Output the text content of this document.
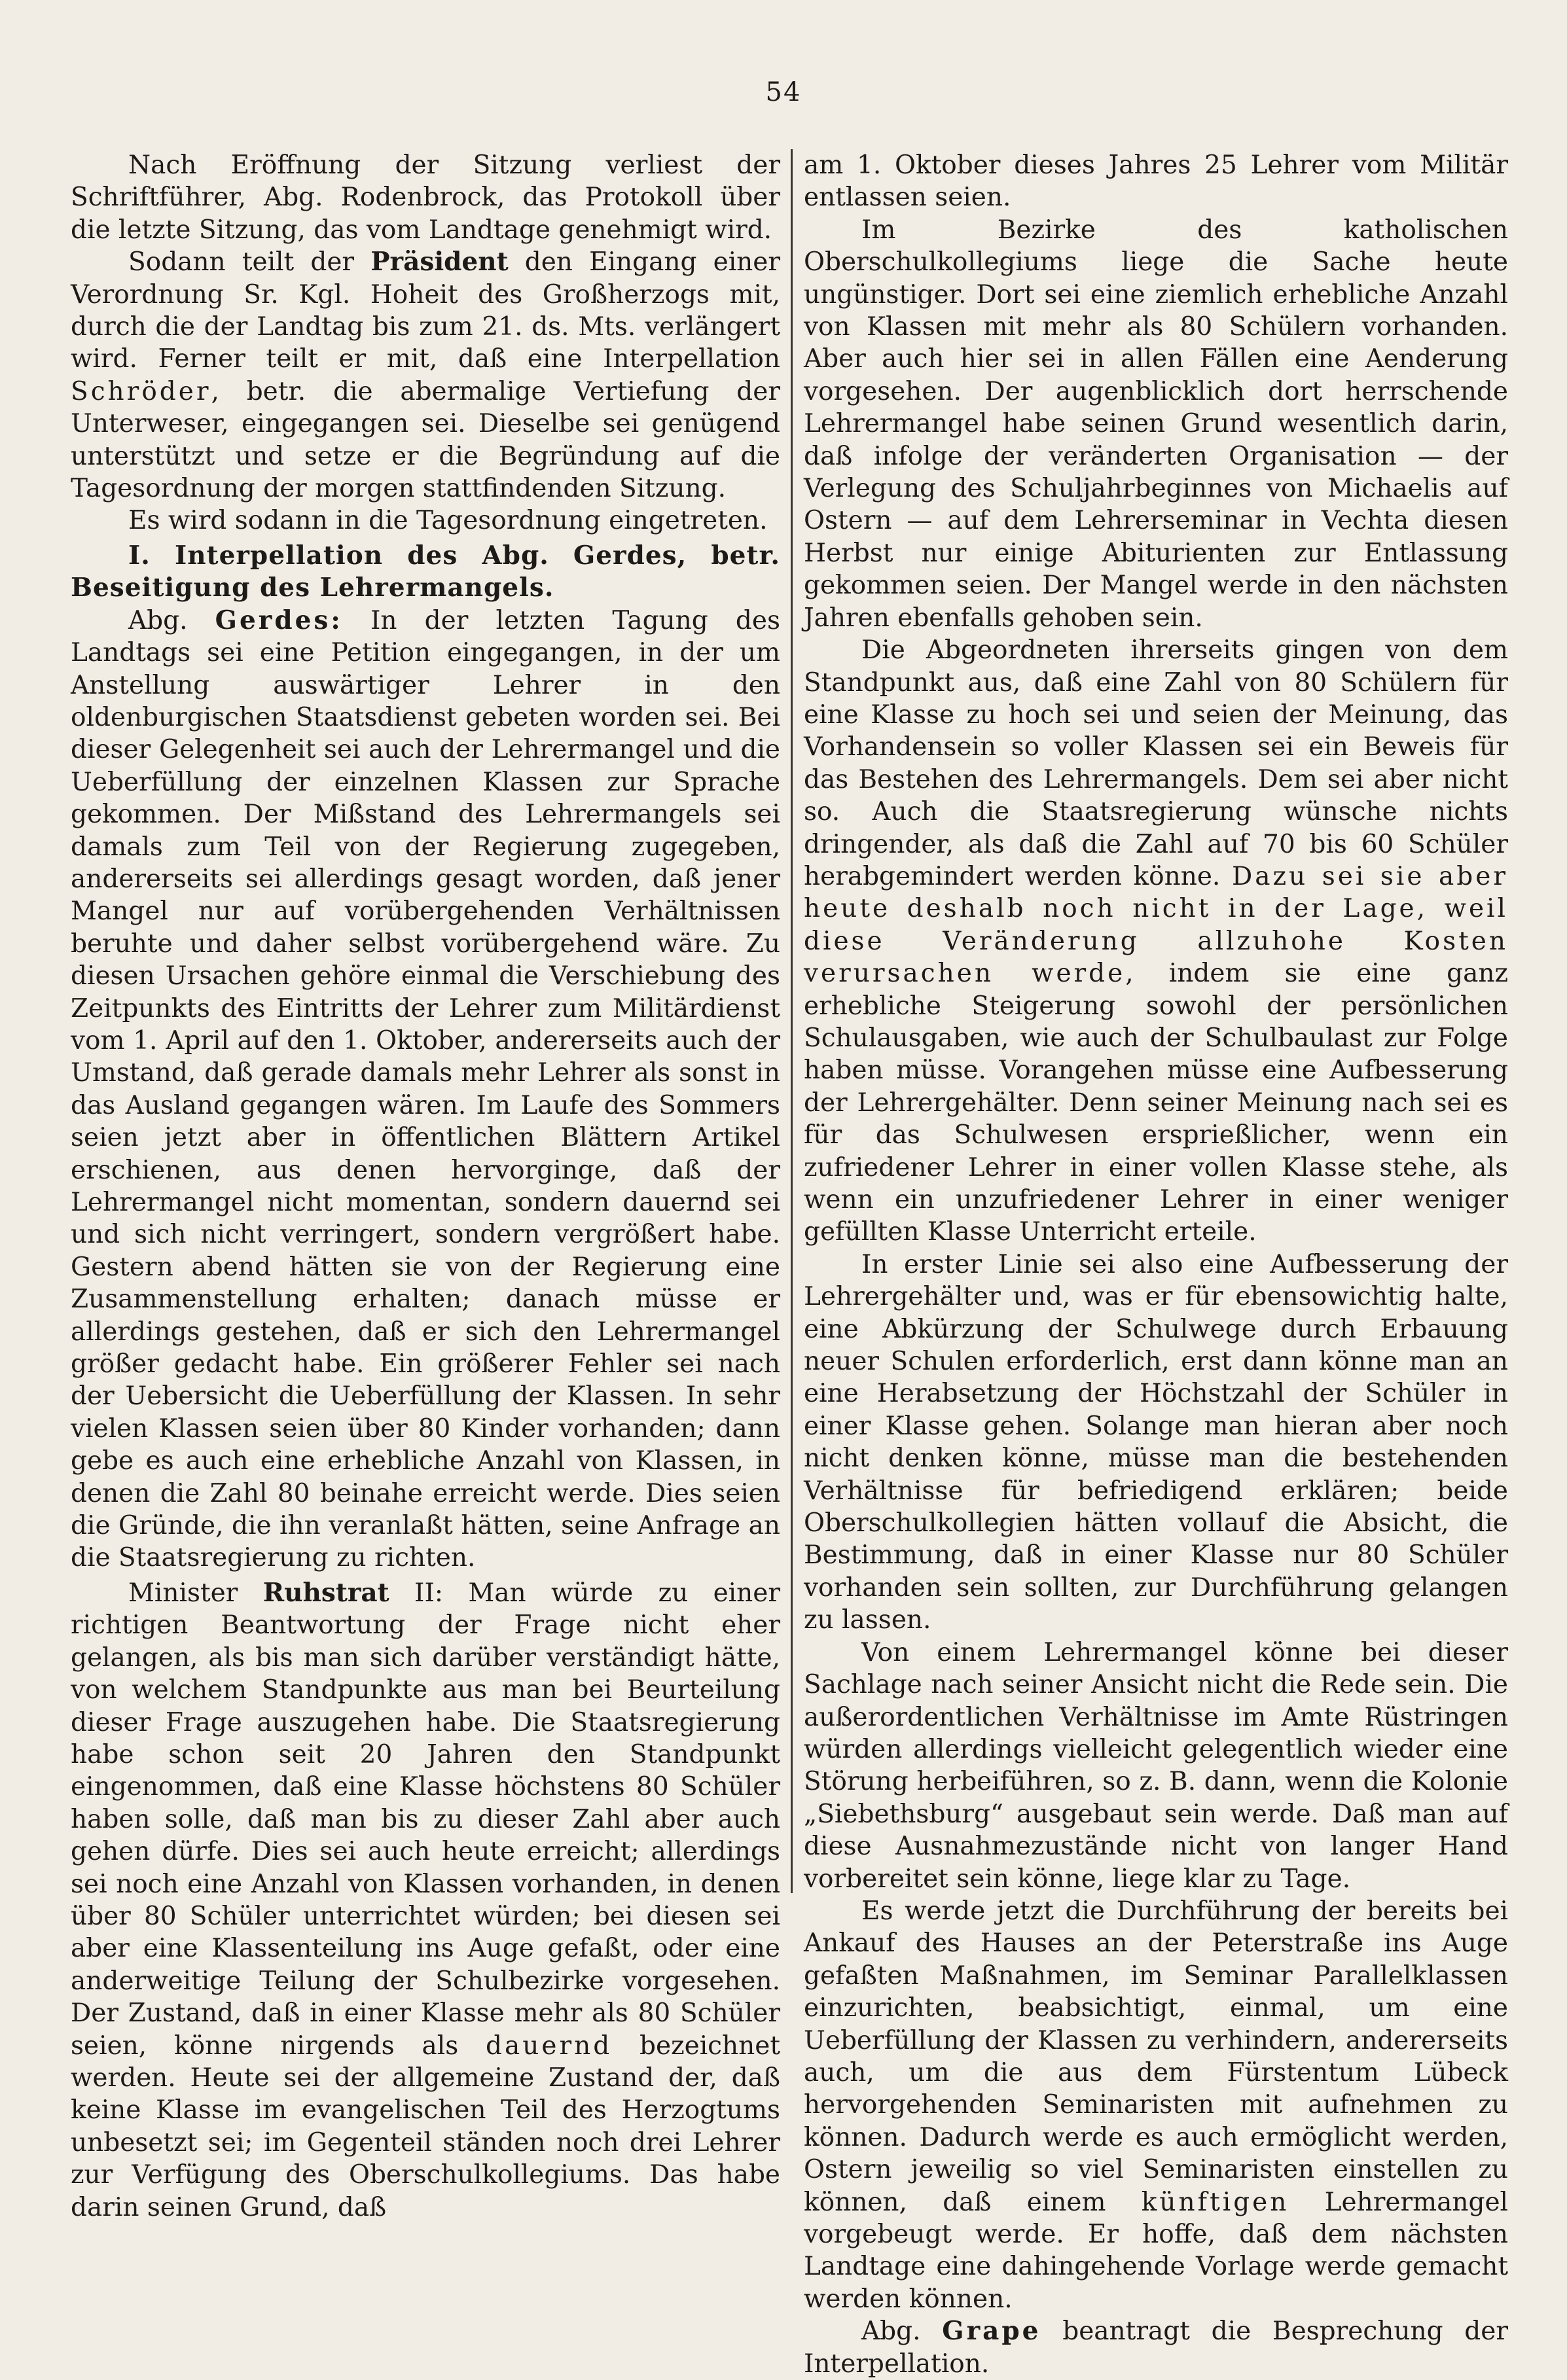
54

Nach Eröffnung der Sitzung verliest der Schriftführer, Abg. Rodenbrock, das Protokoll über die letzte Sitzung, das vom Landtage genehmigt wird.

Sodann teilt der Präsident den Eingang einer Verordnung Sr. Kgl. Hoheit des Großherzogs mit, durch die der Landtag bis zum 21. ds. Mts. verlängert wird. Ferner teilt er mit, daß eine Interpellation Schröder, betr. die abermalige Vertiefung der Unterweser, eingegangen sei. Dieselbe sei genügend unterstützt und setze er die Begründung auf die Tagesordnung der morgen stattfindenden Sitzung.

Es wird sodann in die Tagesordnung eingetreten.

I. Interpellation des Abg. Gerdes, betr. Beseitigung des Lehrermangels.

Abg. Gerdes: In der letzten Tagung des Landtags sei eine Petition eingegangen, in der um Anstellung auswärtiger Lehrer in den oldenburgischen Staatsdienst gebeten worden sei. Bei dieser Gelegenheit sei auch der Lehrermangel und die Ueberfüllung der einzelnen Klassen zur Sprache gekommen. Der Mißstand des Lehrermangels sei damals zum Teil von der Regierung zugegeben, andererseits sei allerdings gesagt worden, daß jener Mangel nur auf vorübergehenden Verhältnissen beruhte und daher selbst vorübergehend wäre. Zu diesen Ursachen gehöre einmal die Verschiebung des Zeitpunkts des Eintritts der Lehrer zum Militärdienst vom 1. April auf den 1. Oktober, andererseits auch der Umstand, daß gerade damals mehr Lehrer als sonst in das Ausland gegangen wären. Im Laufe des Sommers seien jetzt aber in öffentlichen Blättern Artikel erschienen, aus denen hervorginge, daß der Lehrermangel nicht momentan, sondern dauernd sei und sich nicht verringert, sondern vergrößert habe. Gestern abend hätten sie von der Regierung eine Zusammenstellung erhalten; danach müsse er allerdings gestehen, daß er sich den Lehrermangel größer gedacht habe. Ein größerer Fehler sei nach der Uebersicht die Ueberfüllung der Klassen. In sehr vielen Klassen seien über 80 Kinder vorhanden; dann gebe es auch eine erhebliche Anzahl von Klassen, in denen die Zahl 80 beinahe erreicht werde. Dies seien die Gründe, die ihn veranlaßt hätten, seine Anfrage an die Staatsregierung zu richten.

Minister Ruhstrat II: Man würde zu einer richtigen Beantwortung der Frage nicht eher gelangen, als bis man sich darüber verständigt hätte, von welchem Standpunkte aus man bei Beurteilung dieser Frage auszugehen habe. Die Staatsregierung habe schon seit 20 Jahren den Standpunkt eingenommen, daß eine Klasse höchstens 80 Schüler haben solle, daß man bis zu dieser Zahl aber auch gehen dürfe. Dies sei auch heute erreicht; allerdings sei noch eine Anzahl von Klassen vorhanden, in denen über 80 Schüler unterrichtet würden; bei diesen sei aber eine Klassenteilung ins Auge gefaßt, oder eine anderweitige Teilung der Schulbezirke vorgesehen. Der Zustand, daß in einer Klasse mehr als 80 Schüler seien, könne nirgends als dauernd bezeichnet werden. Heute sei der allgemeine Zustand der, daß keine Klasse im evangelischen Teil des Herzogtums unbesetzt sei; im Gegenteil ständen noch drei Lehrer zur Verfügung des Oberschulkollegiums. Das habe darin seinen Grund, daß

am 1. Oktober dieses Jahres 25 Lehrer vom Militär entlassen seien.

Im Bezirke des katholischen Oberschulkollegiums liege die Sache heute ungünstiger. Dort sei eine ziemlich erhebliche Anzahl von Klassen mit mehr als 80 Schülern vorhanden. Aber auch hier sei in allen Fällen eine Aenderung vorgesehen. Der augenblicklich dort herrschende Lehrermangel habe seinen Grund wesentlich darin, daß infolge der veränderten Organisation — der Verlegung des Schuljahrbeginnes von Michaelis auf Ostern — auf dem Lehrerseminar in Vechta diesen Herbst nur einige Abiturienten zur Entlassung gekommen seien. Der Mangel werde in den nächsten Jahren ebenfalls gehoben sein.

Die Abgeordneten ihrerseits gingen von dem Standpunkt aus, daß eine Zahl von 80 Schülern für eine Klasse zu hoch sei und seien der Meinung, das Vorhandensein so voller Klassen sei ein Beweis für das Bestehen des Lehrermangels. Dem sei aber nicht so. Auch die Staatsregierung wünsche nichts dringender, als daß die Zahl auf 70 bis 60 Schüler herabgemindert werden könne. Dazu sei sie aber heute deshalb noch nicht in der Lage, weil diese Veränderung allzuhohe Kosten verursachen werde, indem sie eine ganz erhebliche Steigerung sowohl der persönlichen Schulausgaben, wie auch der Schulbaulast zur Folge haben müsse. Vorangehen müsse eine Aufbesserung der Lehrergehälter. Denn seiner Meinung nach sei es für das Schulwesen ersprießlicher, wenn ein zufriedener Lehrer in einer vollen Klasse stehe, als wenn ein unzufriedener Lehrer in einer weniger gefüllten Klasse Unterricht erteile.

In erster Linie sei also eine Aufbesserung der Lehrergehälter und, was er für ebensowichtig halte, eine Abkürzung der Schulwege durch Erbauung neuer Schulen erforderlich, erst dann könne man an eine Herabsetzung der Höchstzahl der Schüler in einer Klasse gehen. Solange man hieran aber noch nicht denken könne, müsse man die bestehenden Verhältnisse für befriedigend erklären; beide Oberschulkollegien hätten vollauf die Absicht, die Bestimmung, daß in einer Klasse nur 80 Schüler vorhanden sein sollten, zur Durchführung gelangen zu lassen.

Von einem Lehrermangel könne bei dieser Sachlage nach seiner Ansicht nicht die Rede sein. Die außerordentlichen Verhältnisse im Amte Rüstringen würden allerdings vielleicht gelegentlich wieder eine Störung herbeiführen, so z. B. dann, wenn die Kolonie „Siebethsburg“ ausgebaut sein werde. Daß man auf diese Ausnahmezustände nicht von langer Hand vorbereitet sein könne, liege klar zu Tage.

Es werde jetzt die Durchführung der bereits bei Ankauf des Hauses an der Peterstraße ins Auge gefaßten Maßnahmen, im Seminar Parallelklassen einzurichten, beabsichtigt, einmal, um eine Ueberfüllung der Klassen zu verhindern, andererseits auch, um die aus dem Fürstentum Lübeck hervorgehenden Seminaristen mit aufnehmen zu können. Dadurch werde es auch ermöglicht werden, Ostern jeweilig so viel Seminaristen einstellen zu können, daß einem künftigen Lehrermangel vorgebeugt werde. Er hoffe, daß dem nächsten Landtage eine dahingehende Vorlage werde gemacht werden können.

Abg. Grape beantragt die Besprechung der Interpellation.
